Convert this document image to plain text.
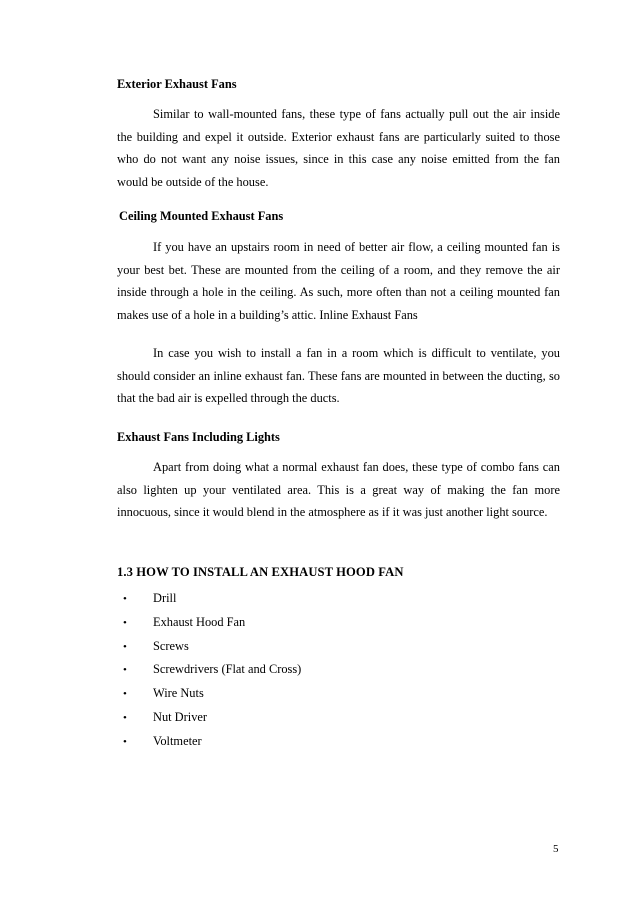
Exterior Exhaust Fans

Similar to wall-mounted fans, these type of fans actually pull out the air inside the building and expel it outside. Exterior exhaust fans are particularly suited to those who do not want any noise issues, since in this case any noise emitted from the fan would be outside of the house.

Ceiling Mounted Exhaust Fans

If you have an upstairs room in need of better air flow, a ceiling mounted fan is your best bet. These are mounted from the ceiling of a room, and they remove the air inside through a hole in the ceiling. As such, more often than not a ceiling mounted fan makes use of a hole in a building’s attic. Inline Exhaust Fans

In case you wish to install a fan in a room which is difficult to ventilate, you should consider an inline exhaust fan. These fans are mounted in between the ducting, so that the bad air is expelled through the ducts.

Exhaust Fans Including Lights

Apart from doing what a normal exhaust fan does, these type of combo fans can also lighten up your ventilated area. This is a great way of making the fan more innocuous, since it would blend in the atmosphere as if it was just another light source.

1.3 HOW TO INSTALL AN EXHAUST HOOD FAN
• Drill
• Exhaust Hood Fan
• Screws
• Screwdrivers (Flat and Cross)
• Wire Nuts
• Nut Driver
• Voltmeter
5
